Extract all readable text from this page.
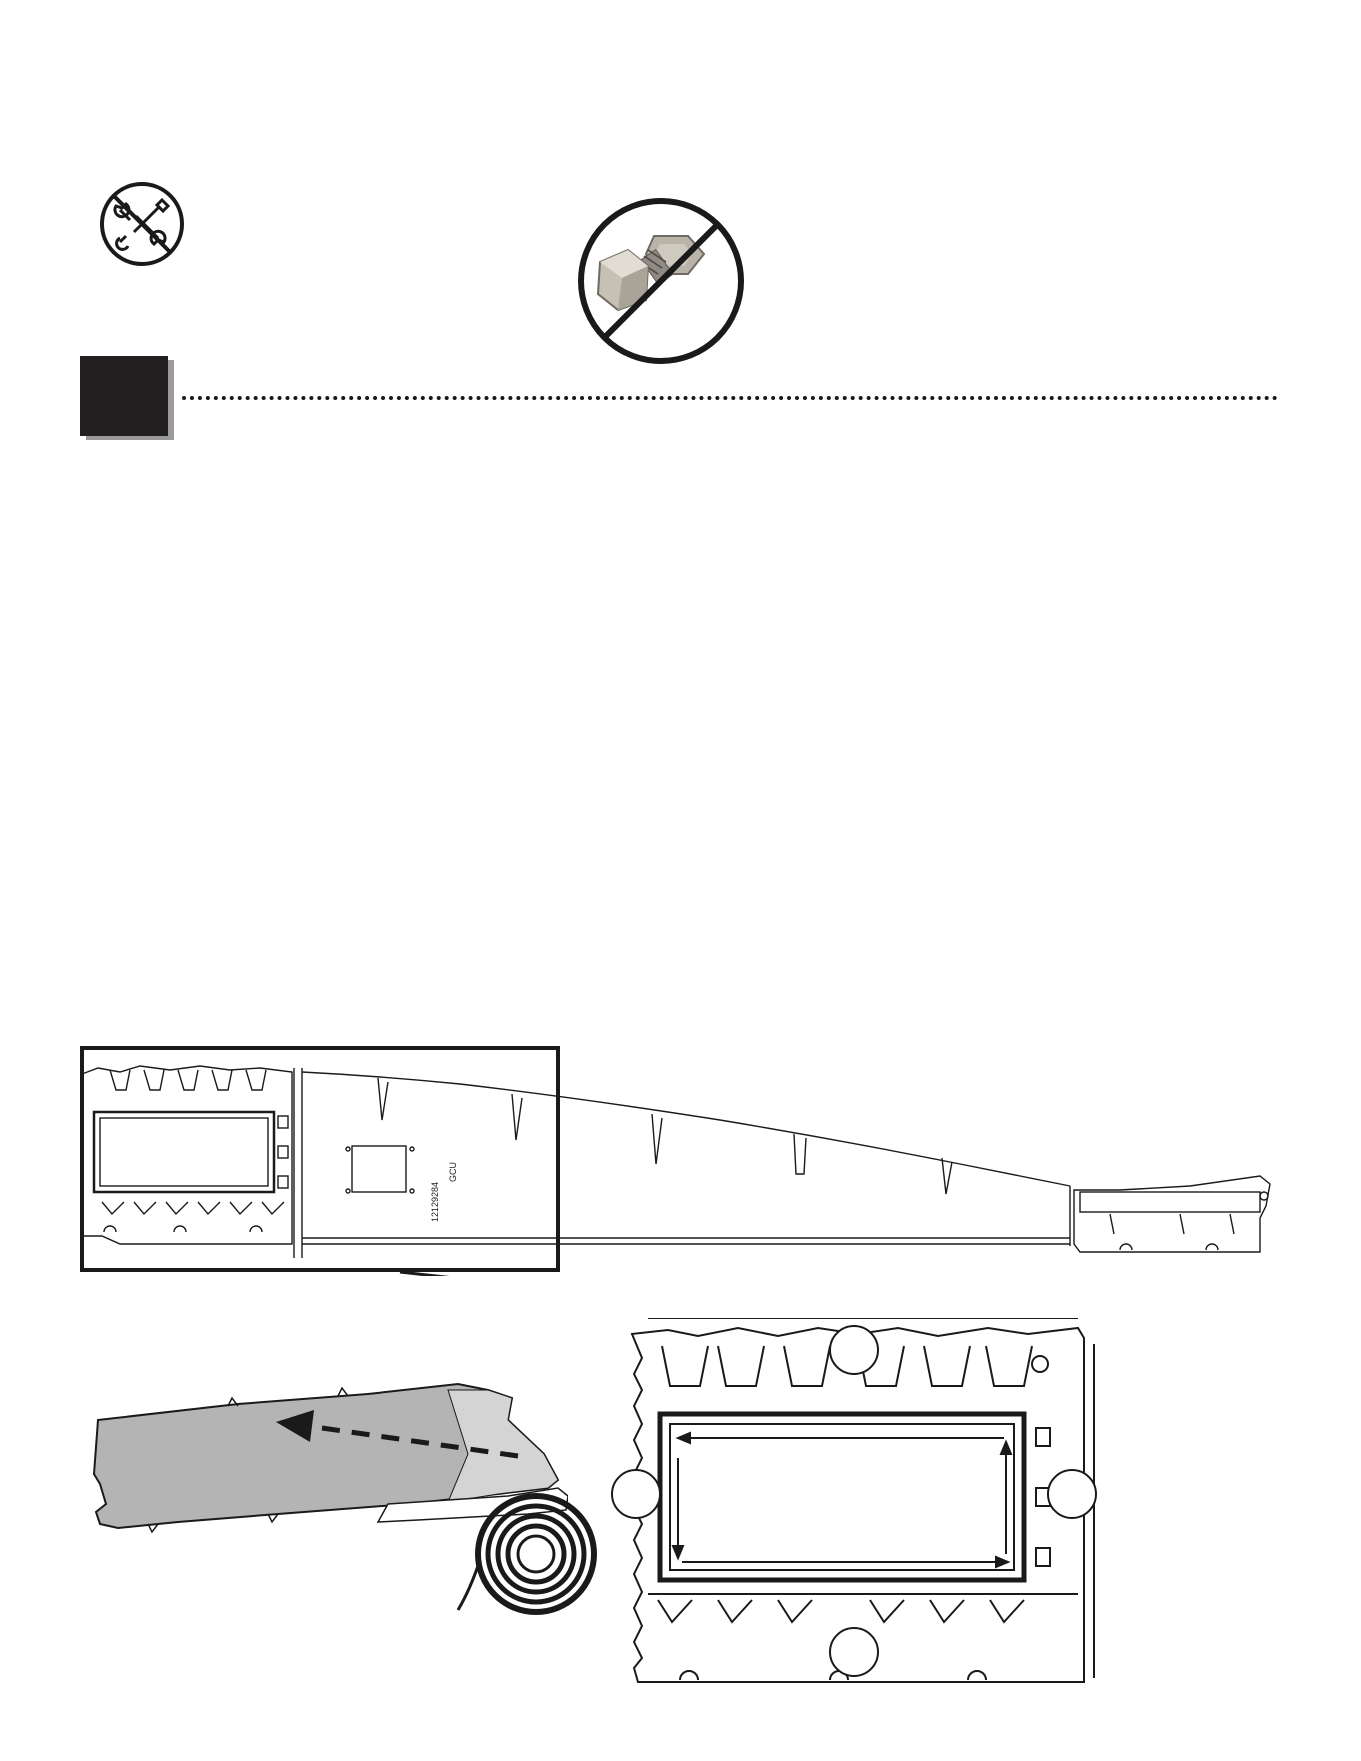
12129284
GCU
